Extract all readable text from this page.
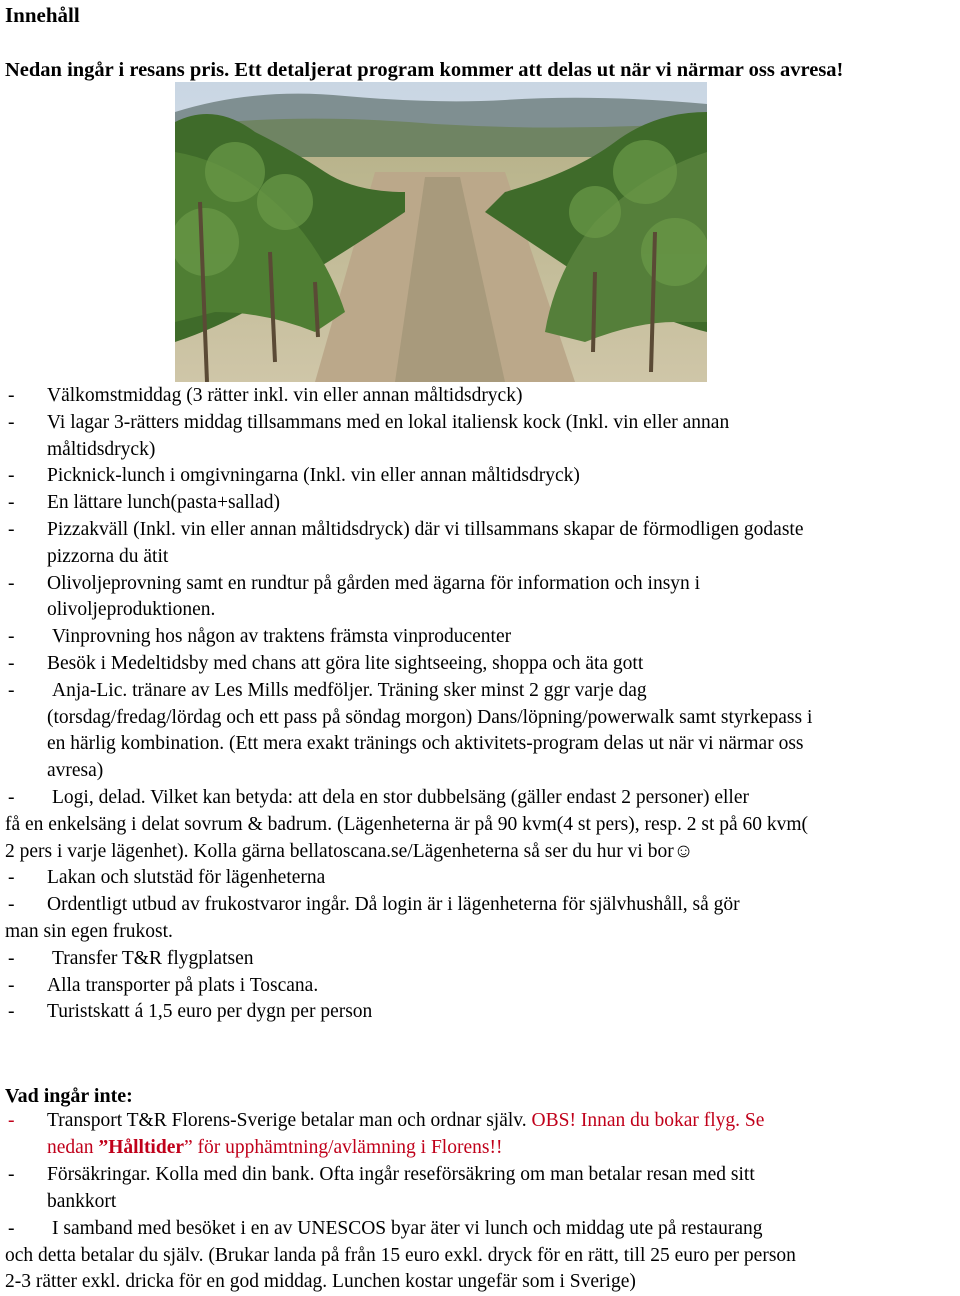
Innehåll
Nedan ingår i resans pris. Ett detaljerat program kommer att delas ut när vi närmar oss avresa!
- Välkomstmiddag (3 rätter inkl. vin eller annan måltidsdryck)
- Vi lagar 3-rätters middag tillsammans med en lokal italiensk kock (Inkl. vin eller annan
måltidsdryck)
- Picknick-lunch i omgivningarna (Inkl. vin eller annan måltidsdryck)
- En lättare lunch(pasta+sallad)
- Pizzakväll (Inkl. vin eller annan måltidsdryck) där vi tillsammans skapar de förmodligen godaste
pizzorna du ätit
- Olivoljeprovning samt en rundtur på gården med ägarna för information och insyn i
olivoljeproduktionen.
- Vinprovning hos någon av traktens främsta vinproducenter
- Besök i Medeltidsby med chans att göra lite sightseeing, shoppa och äta gott
- Anja-Lic. tränare av Les Mills medföljer. Träning sker minst 2 ggr varje dag
(torsdag/fredag/lördag och ett pass på söndag morgon) Dans/löpning/powerwalk samt styrkepass i
en härlig kombination. (Ett mera exakt tränings och aktivitets-program delas ut när vi närmar oss
avresa)
- Logi, delad. Vilket kan betyda: att dela en stor dubbelsäng (gäller endast 2 personer) eller
få en enkelsäng i delat sovrum & badrum. (Lägenheterna är på 90 kvm(4 st pers), resp. 2 st på 60 kvm(
2 pers i varje lägenhet). Kolla gärna bellatoscana.se/Lägenheterna så ser du hur vi bor☺
- Lakan och slutstäd för lägenheterna
- Ordentligt utbud av frukostvaror ingår. Då login är i lägenheterna för självhushåll, så gör
man sin egen frukost.
- Transfer T&R flygplatsen
- Alla transporter på plats i Toscana.
- Turistskatt á 1,5 euro per dygn per person
Vad ingår inte:
- Transport T&R Florens-Sverige betalar man och ordnar själv. OBS! Innan du bokar flyg. Se
nedan ”Hålltider” för upphämtning/avlämning i Florens!!
- Försäkringar. Kolla med din bank. Ofta ingår reseförsäkring om man betalar resan med sitt
bankkort
- I samband med besöket i en av UNESCOS byar äter vi lunch och middag ute på restaurang
och detta betalar du själv. (Brukar landa på från 15 euro exkl. dryck för en rätt, till 25 euro per person
2-3 rätter exkl. dricka för en god middag. Lunchen kostar ungefär som i Sverige)
